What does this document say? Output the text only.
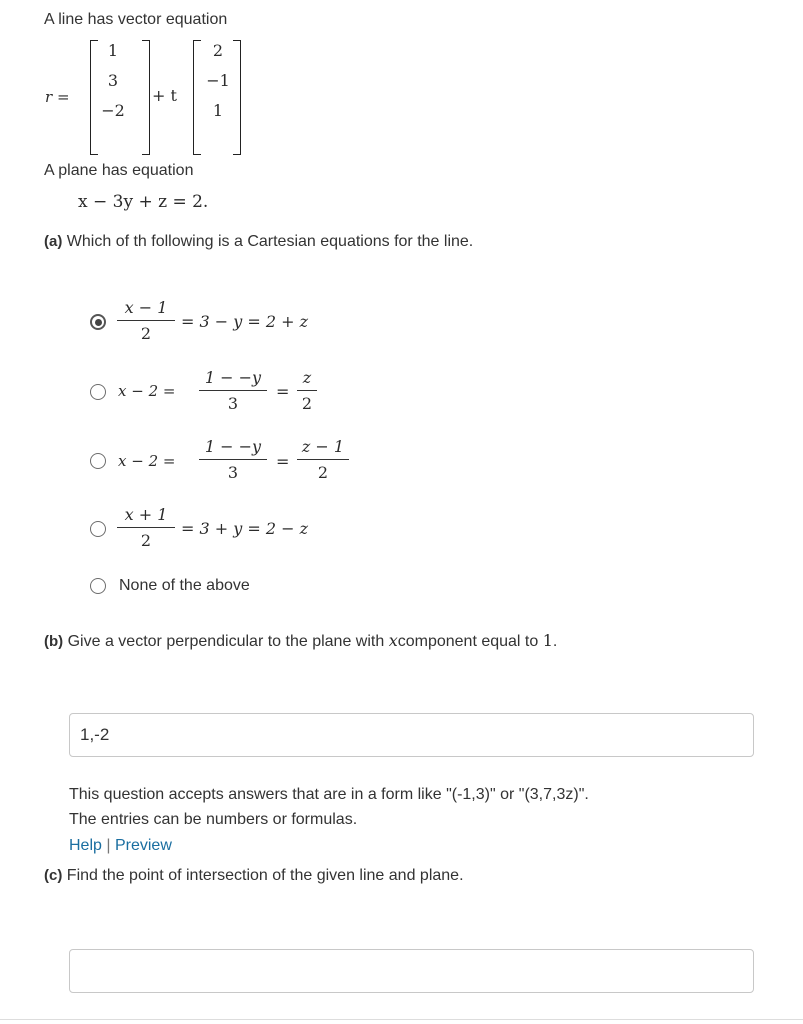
A line has vector equation
r =
1
3
−2
+ t
2
−1
1
A plane has equation
x − 3y + z = 2.
(a) Which of th following is a Cartesian equations for the line.
x − 1
2
= 3 − y = 2 + z
x − 2 =
1 − −y
3
=
z
2
x − 2 =
1 − −y
3
=
z − 1
2
x + 1
2
= 3 + y = 2 − z
None of the above
(b) Give a vector perpendicular to the plane with xcomponent equal to 1.
1,-2
This question accepts answers that are in a form like "(-1,3)" or "(3,7,3z)".
The entries can be numbers or formulas.
Help | Preview
(c) Find the point of intersection of the given line and plane.
